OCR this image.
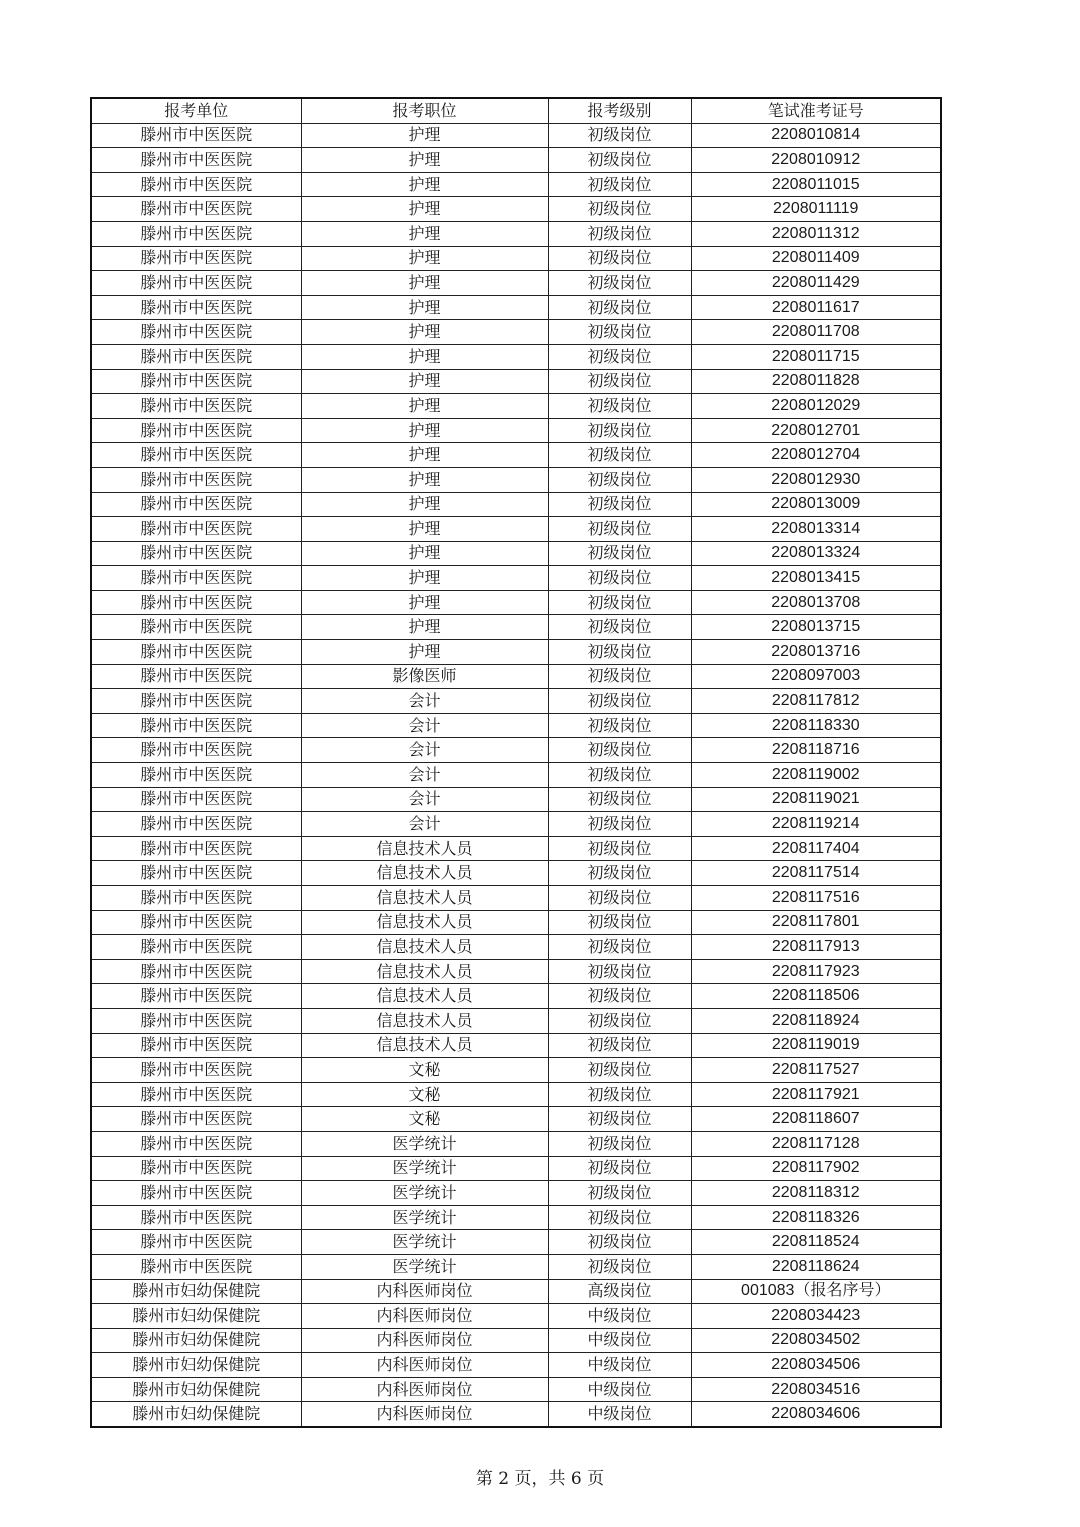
报考单位	报考职位	报考级别	笔试准考证号
滕州市中医医院	护理	初级岗位	2208010814
滕州市中医医院	护理	初级岗位	2208010912
滕州市中医医院	护理	初级岗位	2208011015
滕州市中医医院	护理	初级岗位	2208011119
滕州市中医医院	护理	初级岗位	2208011312
滕州市中医医院	护理	初级岗位	2208011409
滕州市中医医院	护理	初级岗位	2208011429
滕州市中医医院	护理	初级岗位	2208011617
滕州市中医医院	护理	初级岗位	2208011708
滕州市中医医院	护理	初级岗位	2208011715
滕州市中医医院	护理	初级岗位	2208011828
滕州市中医医院	护理	初级岗位	2208012029
滕州市中医医院	护理	初级岗位	2208012701
滕州市中医医院	护理	初级岗位	2208012704
滕州市中医医院	护理	初级岗位	2208012930
滕州市中医医院	护理	初级岗位	2208013009
滕州市中医医院	护理	初级岗位	2208013314
滕州市中医医院	护理	初级岗位	2208013324
滕州市中医医院	护理	初级岗位	2208013415
滕州市中医医院	护理	初级岗位	2208013708
滕州市中医医院	护理	初级岗位	2208013715
滕州市中医医院	护理	初级岗位	2208013716
滕州市中医医院	影像医师	初级岗位	2208097003
滕州市中医医院	会计	初级岗位	2208117812
滕州市中医医院	会计	初级岗位	2208118330
滕州市中医医院	会计	初级岗位	2208118716
滕州市中医医院	会计	初级岗位	2208119002
滕州市中医医院	会计	初级岗位	2208119021
滕州市中医医院	会计	初级岗位	2208119214
滕州市中医医院	信息技术人员	初级岗位	2208117404
滕州市中医医院	信息技术人员	初级岗位	2208117514
滕州市中医医院	信息技术人员	初级岗位	2208117516
滕州市中医医院	信息技术人员	初级岗位	2208117801
滕州市中医医院	信息技术人员	初级岗位	2208117913
滕州市中医医院	信息技术人员	初级岗位	2208117923
滕州市中医医院	信息技术人员	初级岗位	2208118506
滕州市中医医院	信息技术人员	初级岗位	2208118924
滕州市中医医院	信息技术人员	初级岗位	2208119019
滕州市中医医院	文秘	初级岗位	2208117527
滕州市中医医院	文秘	初级岗位	2208117921
滕州市中医医院	文秘	初级岗位	2208118607
滕州市中医医院	医学统计	初级岗位	2208117128
滕州市中医医院	医学统计	初级岗位	2208117902
滕州市中医医院	医学统计	初级岗位	2208118312
滕州市中医医院	医学统计	初级岗位	2208118326
滕州市中医医院	医学统计	初级岗位	2208118524
滕州市中医医院	医学统计	初级岗位	2208118624
滕州市妇幼保健院	内科医师岗位	高级岗位	001083（报名序号）
滕州市妇幼保健院	内科医师岗位	中级岗位	2208034423
滕州市妇幼保健院	内科医师岗位	中级岗位	2208034502
滕州市妇幼保健院	内科医师岗位	中级岗位	2208034506
滕州市妇幼保健院	内科医师岗位	中级岗位	2208034516
滕州市妇幼保健院	内科医师岗位	中级岗位	2208034606
第 2 页，共 6 页
